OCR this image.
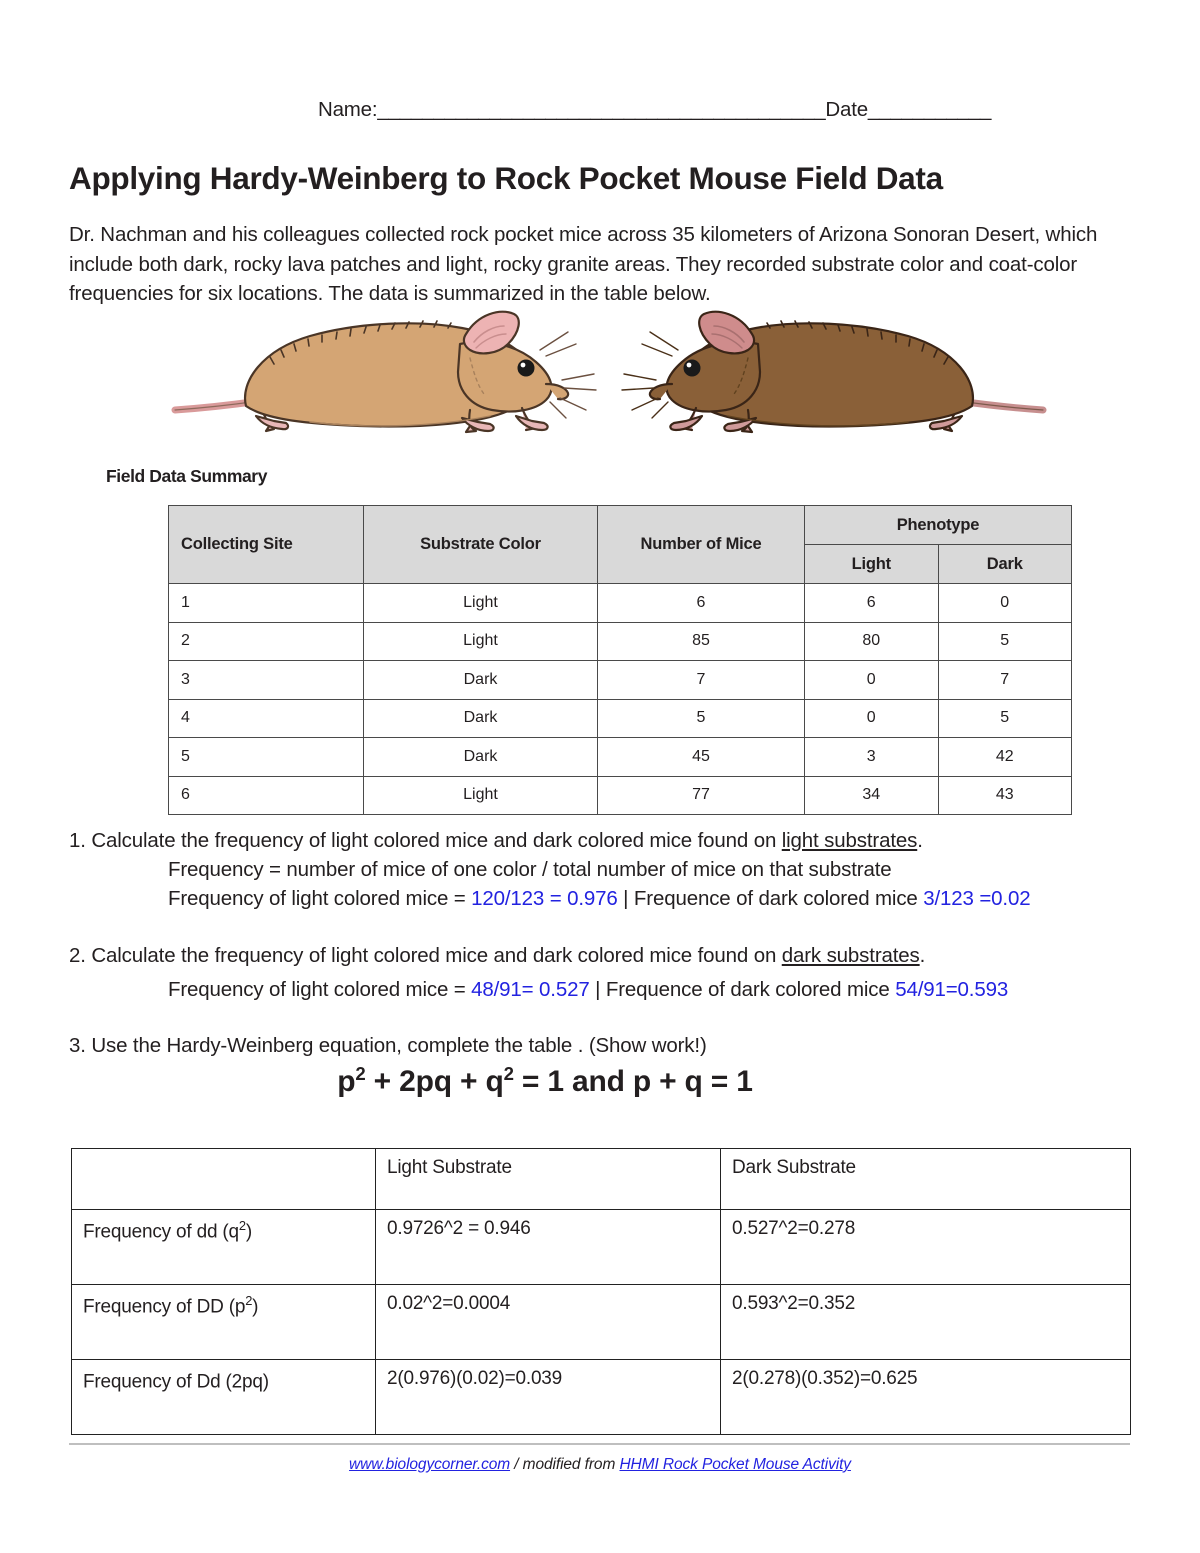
Name:________________________________________Date___________
Applying Hardy-Weinberg to Rock Pocket Mouse Field Data
Dr. Nachman and his colleagues collected rock pocket mice across 35 kilometers of Arizona Sonoran Desert, which include both dark, rocky lava patches and light, rocky granite areas. They recorded substrate color and coat-color frequencies for six locations. The data is summarized in the table below.
Field Data Summary
Collecting Site	Substrate Color	Number of Mice	Phenotype	
			Light	Dark
1	Light	6	6	0
2	Light	85	80	5
3	Dark	7	0	7
4	Dark	5	0	5
5	Dark	45	3	42
6	Light	77	34	43
1. Calculate the frequency of light colored mice and dark colored mice found on light substrates.
Frequency = number of mice of one color / total number of mice on that substrate
Frequency of light colored mice = 120/123 = 0.976 | Frequence of dark colored mice 3/123 =0.02
2. Calculate the frequency of light colored mice and dark colored mice found on dark substrates.
Frequency of light colored mice = 48/91= 0.527 | Frequence of dark colored mice 54/91=0.593
3. Use the Hardy-Weinberg equation, complete the table . (Show work!)
$p^2 + 2pq + q^2 = 1$ and p + q = 1
	Light Substrate	Dark Substrate
Frequency of dd $(q^2)$	0.9726^2 = 0.946	0.527^2=0.278
Frequency of DD $(p^2)$	0.02^2=0.0004	0.593^2=0.352
Frequency of Dd (2pq)	2(0.976)(0.02)=0.039	2(0.278)(0.352)=0.625
www.biologycorner.com / modified from HHMI Rock Pocket Mouse Activity
